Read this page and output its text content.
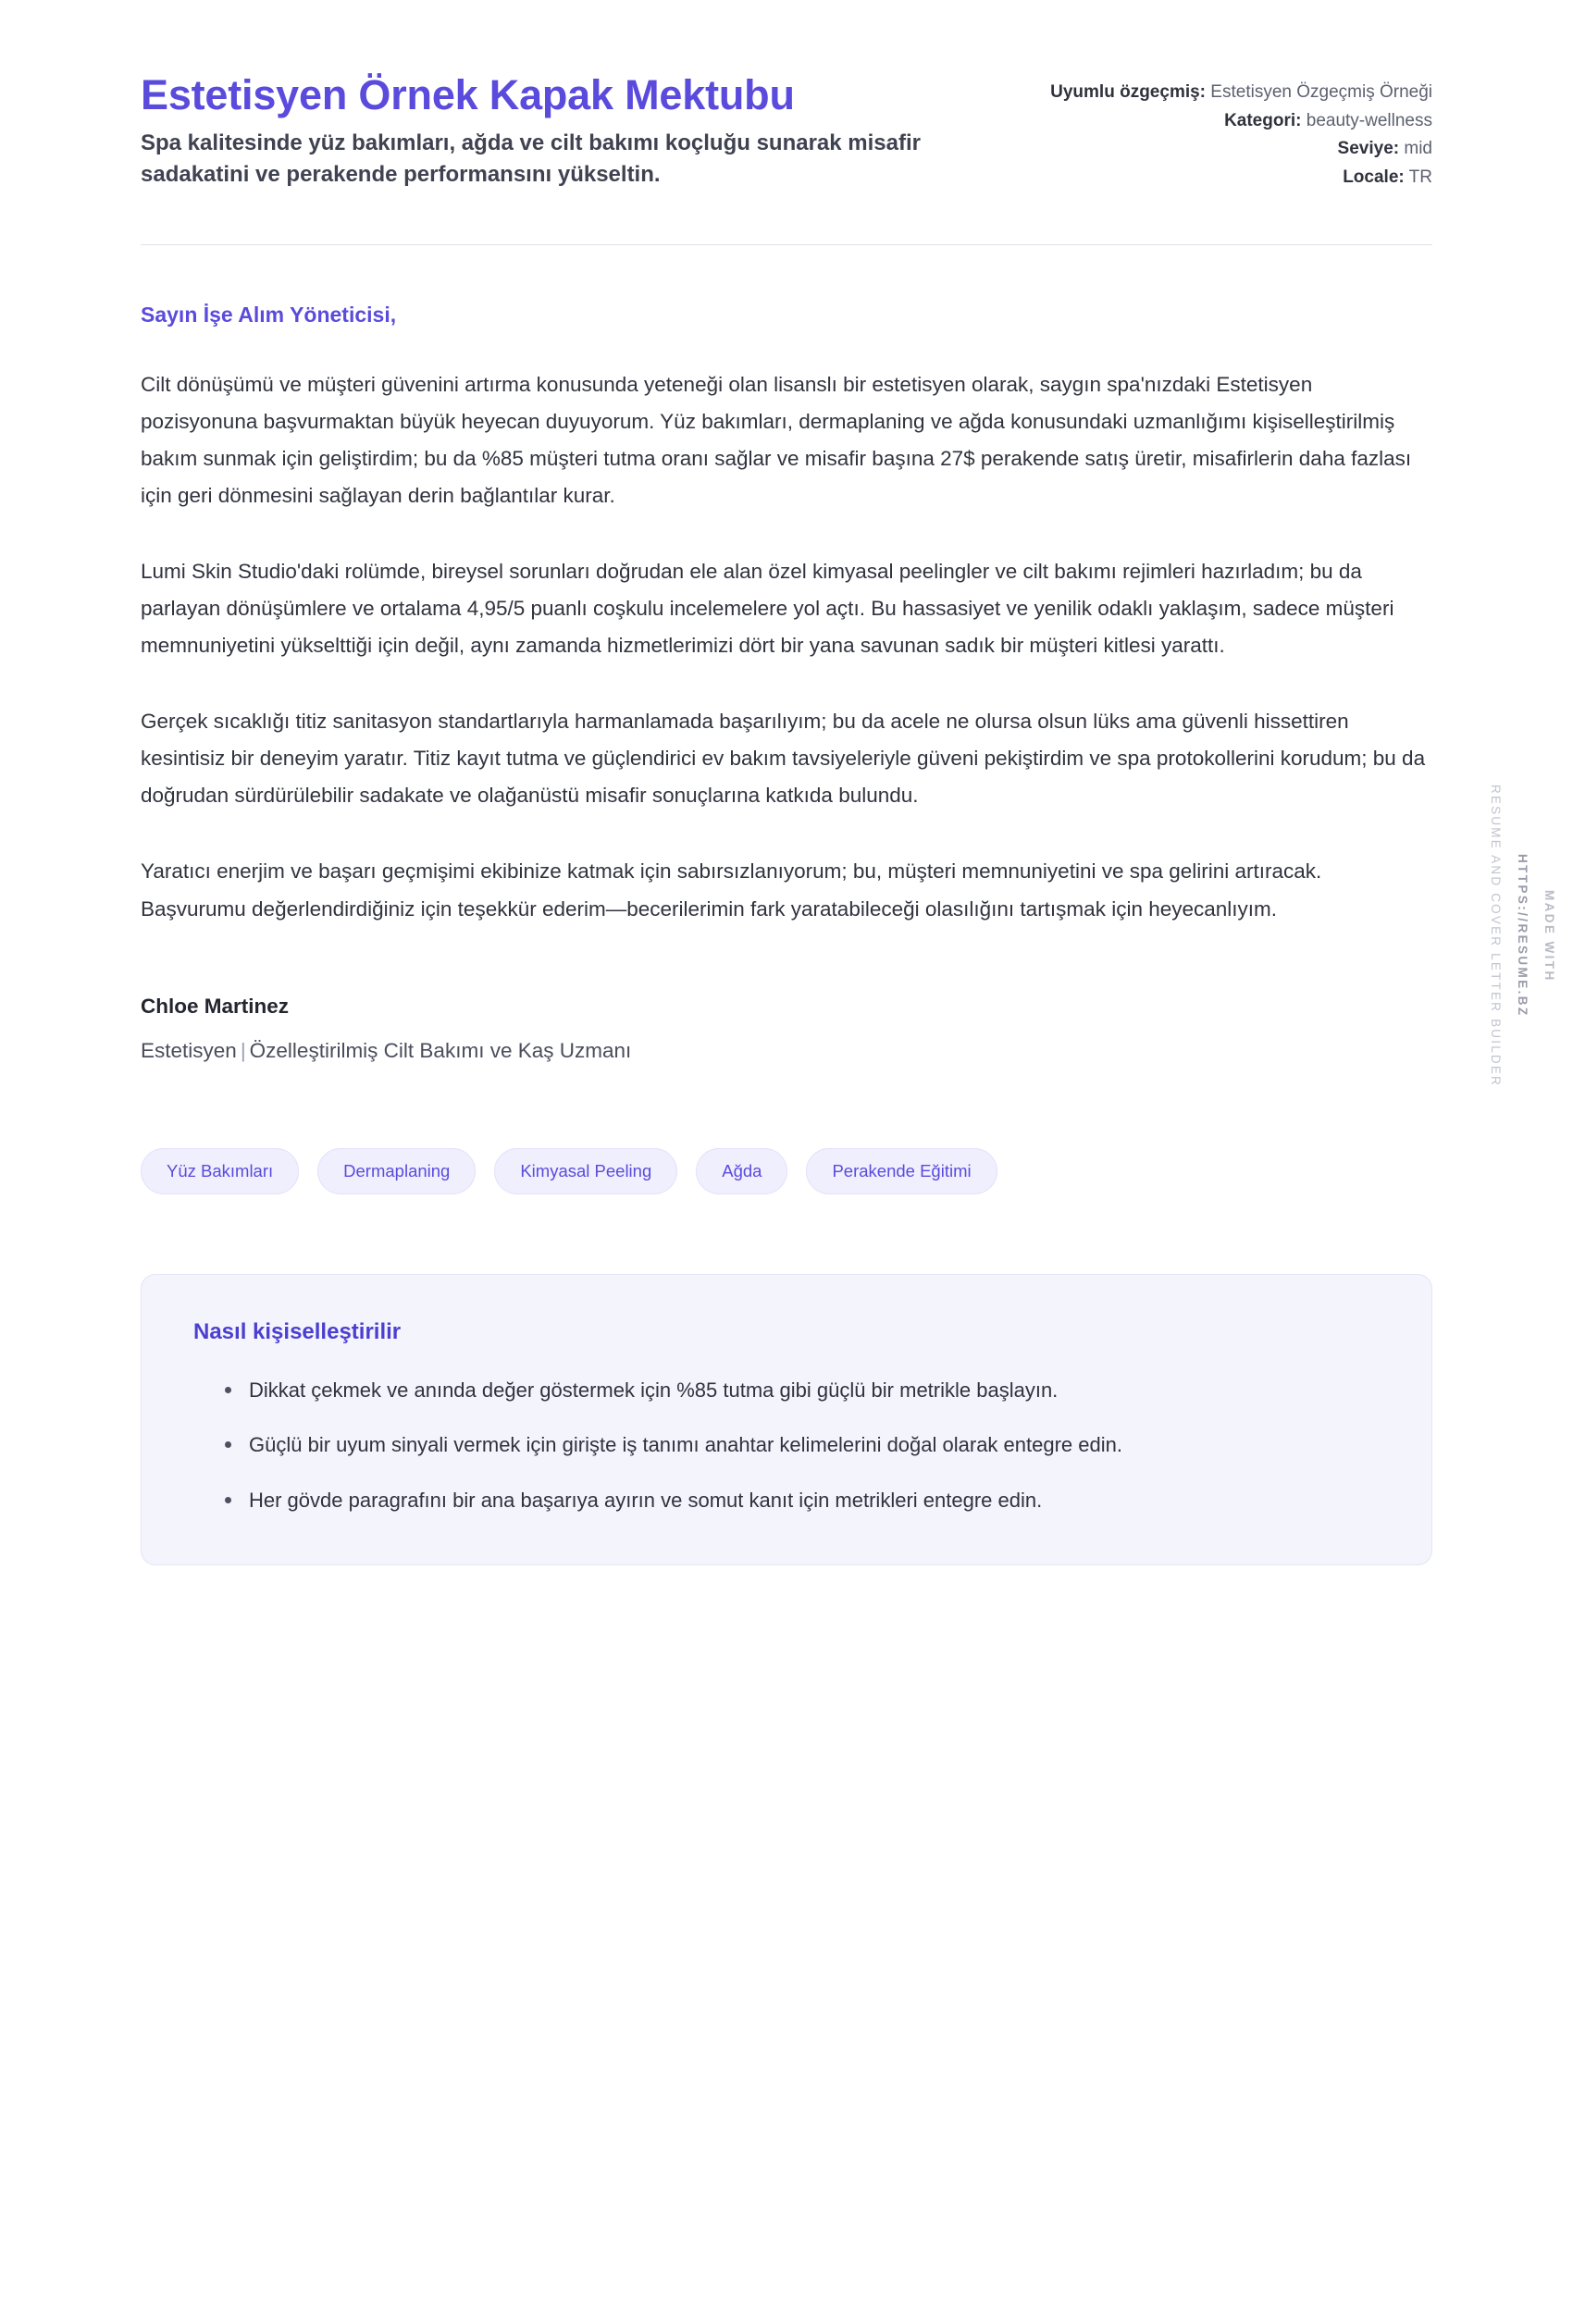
Estetisyen Örnek Kapak Mektubu

Spa kalitesinde yüz bakımları, ağda ve cilt bakımı koçluğu sunarak misafir sadakatini ve perakende performansını yükseltin.

Uyumlu özgeçmiş: Estetisyen Özgeçmiş Örneği
Kategori: beauty-wellness
Seviye: mid
Locale: TR

Sayın İşe Alım Yöneticisi,

Cilt dönüşümü ve müşteri güvenini artırma konusunda yeteneği olan lisanslı bir estetisyen olarak, saygın spa'nızdaki Estetisyen pozisyonuna başvurmaktan büyük heyecan duyuyorum. Yüz bakımları, dermaplaning ve ağda konusundaki uzmanlığımı kişiselleştirilmiş bakım sunmak için geliştirdim; bu da %85 müşteri tutma oranı sağlar ve misafir başına 27$ perakende satış üretir, misafirlerin daha fazlası için geri dönmesini sağlayan derin bağlantılar kurar.

Lumi Skin Studio'daki rolümde, bireysel sorunları doğrudan ele alan özel kimyasal peelingler ve cilt bakımı rejimleri hazırladım; bu da parlayan dönüşümlere ve ortalama 4,95/5 puanlı coşkulu incelemelere yol açtı. Bu hassasiyet ve yenilik odaklı yaklaşım, sadece müşteri memnuniyetini yükselttiği için değil, aynı zamanda hizmetlerimizi dört bir yana savunan sadık bir müşteri kitlesi yarattı.

Gerçek sıcaklığı titiz sanitasyon standartlarıyla harmanlamada başarılıyım; bu da acele ne olursa olsun lüks ama güvenli hissettiren kesintisiz bir deneyim yaratır. Titiz kayıt tutma ve güçlendirici ev bakım tavsiyeleriyle güveni pekiştirdim ve spa protokollerini korudum; bu da doğrudan sürdürülebilir sadakate ve olağanüstü misafir sonuçlarına katkıda bulundu.

Yaratıcı enerjim ve başarı geçmişimi ekibinize katmak için sabırsızlanıyorum; bu, müşteri memnuniyetini ve spa gelirini artıracak. Başvurumu değerlendirdiğiniz için teşekkür ederim—becerilerimin fark yaratabileceği olasılığını tartışmak için heyecanlıyım.

Chloe Martinez

Estetisyen | Özelleştirilmiş Cilt Bakımı ve Kaş Uzmanı

Yüz Bakımları	Dermaplaning	Kimyasal Peeling	Ağda	Perakende Eğitimi
Nasıl kişiselleştirilir
Dikkat çekmek ve anında değer göstermek için %85 tutma gibi güçlü bir metrikle başlayın.
Güçlü bir uyum sinyali vermek için girişte iş tanımı anahtar kelimelerini doğal olarak entegre edin.
Her gövde paragrafını bir ana başarıya ayırın ve somut kanıt için metrikleri entegre edin.
MADE WITH
HTTPS://RESUME.BZ
RESUME AND COVER LETTER BUILDER
